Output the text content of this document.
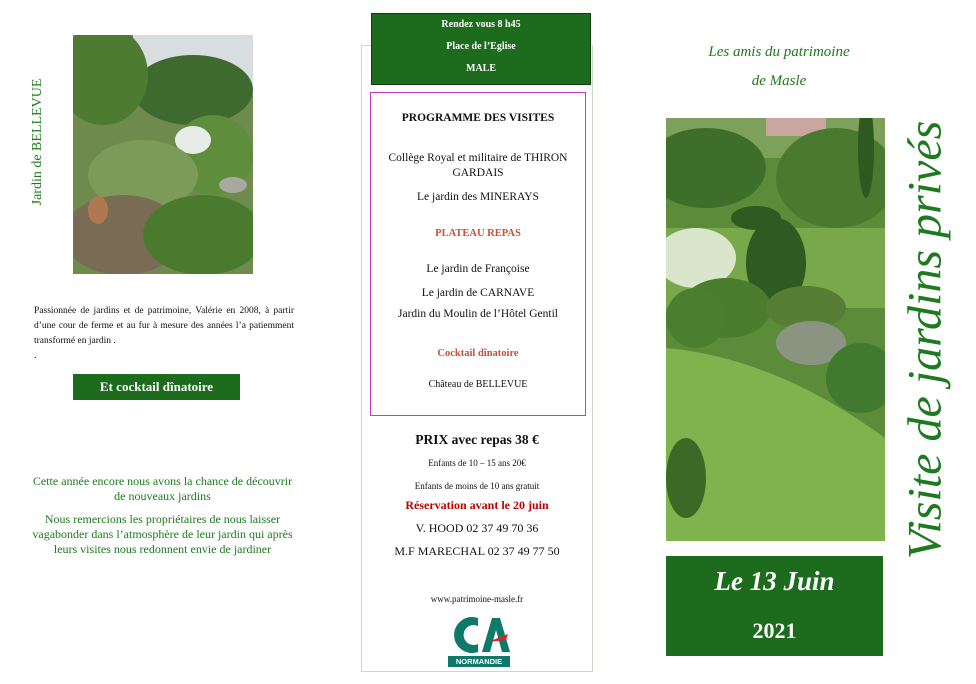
Jardin de BELLEVUE
Passionnée de jardins et de patrimoine, Valérie en 2008, à partir d’une cour de ferme et au fur à mesure des années l’a patiemment transformé en jardin .
.
Et cocktail dînatoire
Cette année encore nous avons la chance de découvrir de nouveaux jardins
Nous remercions les propriétaires de nous laisser vagabonder dans l’atmosphère de leur jardin qui après leurs visites nous redonnent envie de jardiner
Rendez vous 8 h45
Place de l’Eglise
MALE
PROGRAMME DES VISITES
Collège Royal et militaire de THIRON
GARDAIS
Le jardin des MINERAYS
PLATEAU REPAS
Le jardin de Françoise
Le jardin de CARNAVE
Jardin du Moulin de l’Hôtel Gentil
Cocktail dînatoire
Château de BELLEVUE
PRIX avec repas 38 €
Enfants de 10 – 15 ans 20€
Enfants de moins de 10 ans gratuit
Réservation avant le 20 juin
V. HOOD 02 37 49 70 36
M.F MARECHAL 02 37 49 77 50
www.patrimoine-masle.fr
NORMANDIE
Les amis du patrimoine
de Masle
Le 13 Juin
2021
Visite de jardins privés
